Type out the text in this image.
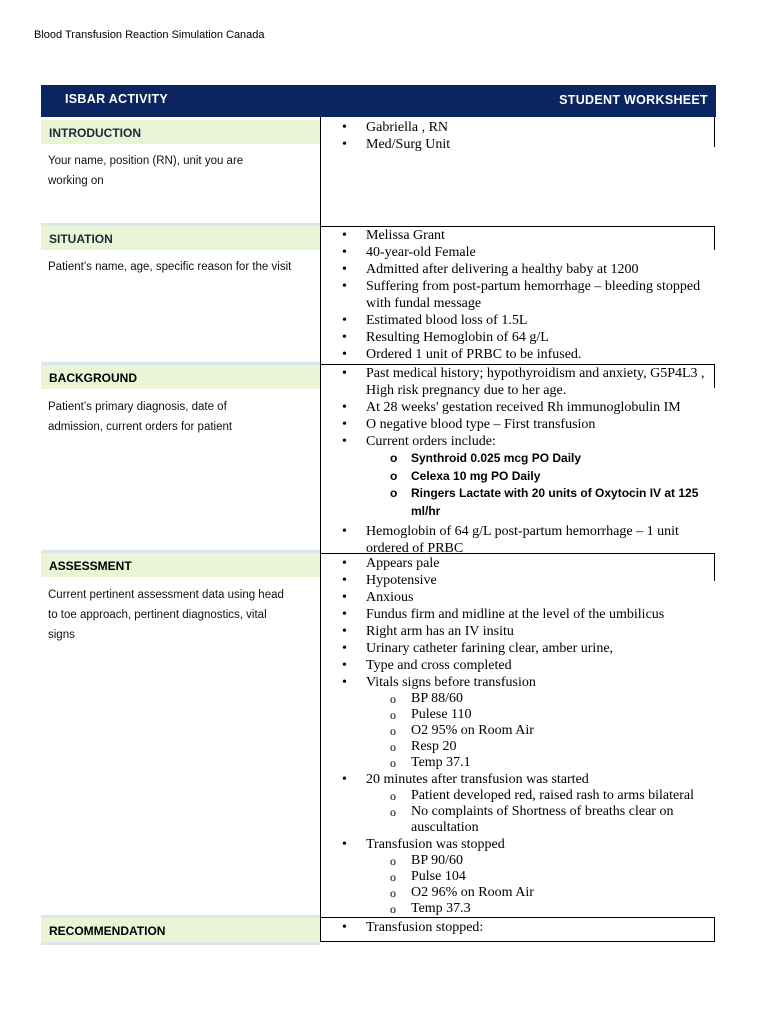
Blood Transfusion Reaction Simulation Canada
ISBAR ACTIVITY	STUDENT WORKSHEET
INTRODUCTION
Your name, position (RN), unit you are
working on
SITUATION
Patient’s name, age, specific reason for the visit
BACKGROUND
Patient’s primary diagnosis, date of
admission, current orders for patient
ASSESSMENT
Current pertinent assessment data using head
to toe approach, pertinent diagnostics, vital
signs
RECOMMENDATION
• Gabriella , RN
• Med/Surg Unit
• Melissa Grant
• 40-year-old Female
• Admitted after delivering a healthy baby at 1200
• Suffering from post-partum hemorrhage – bleeding stopped
with fundal message
• Estimated blood loss of 1.5L
• Resulting Hemoglobin of 64 g/L
• Ordered 1 unit of PRBC to be infused.
• Past medical history; hypothyroidism and anxiety, G5P4L3 ,
High risk pregnancy due to her age.
• At 28 weeks' gestation received Rh immunoglobulin IM
• O negative blood type – First transfusion
• Current orders include:
o Synthroid 0.025 mcg PO Daily
o Celexa 10 mg PO Daily
o Ringers Lactate with 20 units of Oxytocin IV at 125
ml/hr
• Hemoglobin of 64 g/L post-partum hemorrhage – 1 unit
ordered of PRBC
• Appears pale
• Hypotensive
• Anxious
• Fundus firm and midline at the level of the umbilicus
• Right arm has an IV insitu
• Urinary catheter farining clear, amber urine,
• Type and cross completed
• Vitals signs before transfusion
o BP 88/60
o Pulese 110
o O2 95% on Room Air
o Resp 20
o Temp 37.1
• 20 minutes after transfusion was started
o Patient developed red, raised rash to arms bilateral
o No complaints of Shortness of breaths clear on
auscultation
• Transfusion was stopped
o BP 90/60
o Pulse 104
o O2 96% on Room Air
o Temp 37.3
• Transfusion stopped:
